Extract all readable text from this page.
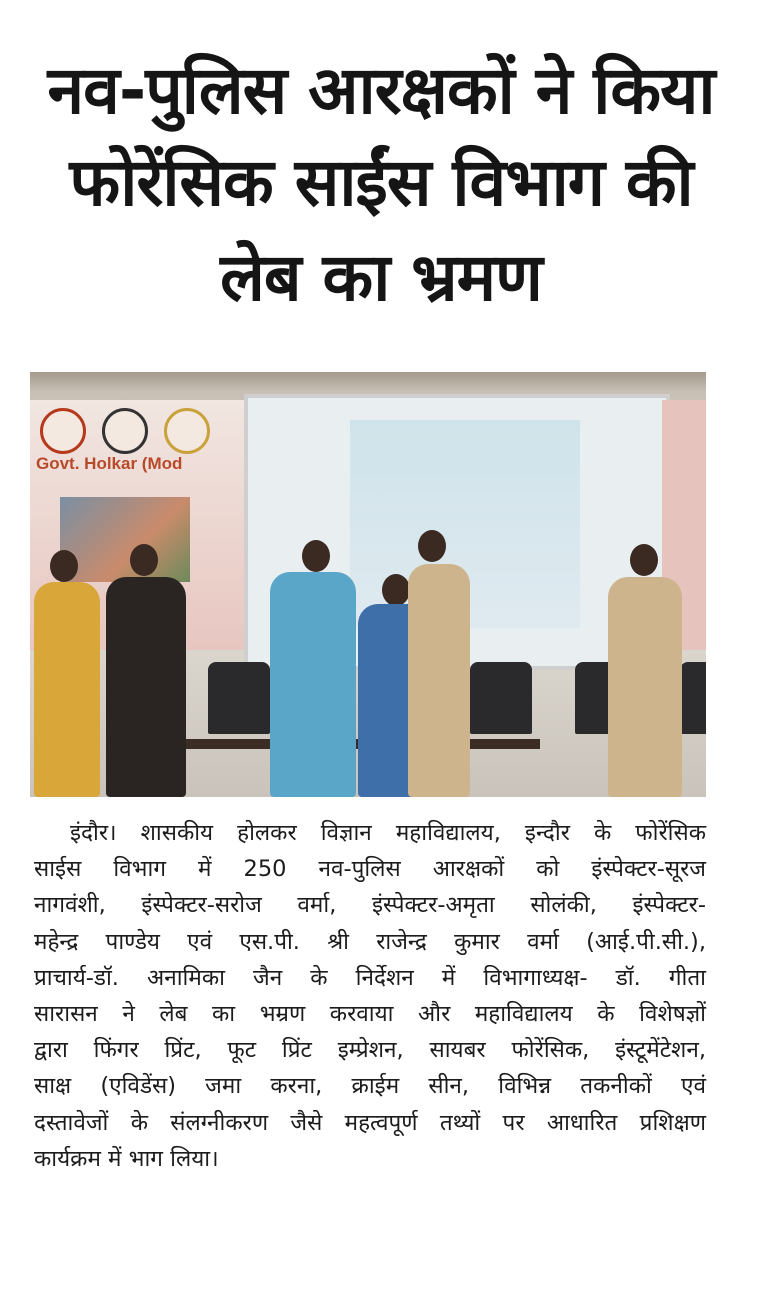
नव-पुलिस आरक्षकों ने किया
फोरेंसिक साईंस विभाग की
लेब का भ्रमण
Govt. Holkar (Mod
इंदौर। शासकीय होलकर विज्ञान महाविद्यालय, इन्दौर के फोरेंसिक
साईस विभाग में 250 नव-पुलिस आरक्षकों को इंस्पेक्टर-सूरज
नागवंशी, इंस्पेक्टर-सरोज वर्मा, इंस्पेक्टर-अमृता सोलंकी, इंस्पेक्टर-
महेन्द्र पाण्डेय एवं एस.पी. श्री राजेन्द्र कुमार वर्मा (आई.पी.सी.),
प्राचार्य-डॉ. अनामिका जैन के निर्देशन में विभागाध्यक्ष- डॉ. गीता
सारासन ने लेब का भम्रण करवाया और महाविद्यालय के विशेषज्ञों
द्वारा फिंगर प्रिंट, फूट प्रिंट इम्प्रेशन, सायबर फोरेंसिक, इंस्टूमेंटेशन,
साक्ष (एविडेंस) जमा करना, क्राईम सीन, विभिन्न तकनीकों एवं
दस्तावेजों के संलग्नीकरण जैसे महत्वपूर्ण तथ्यों पर आधारित प्रशिक्षण
कार्यक्रम में भाग लिया।
